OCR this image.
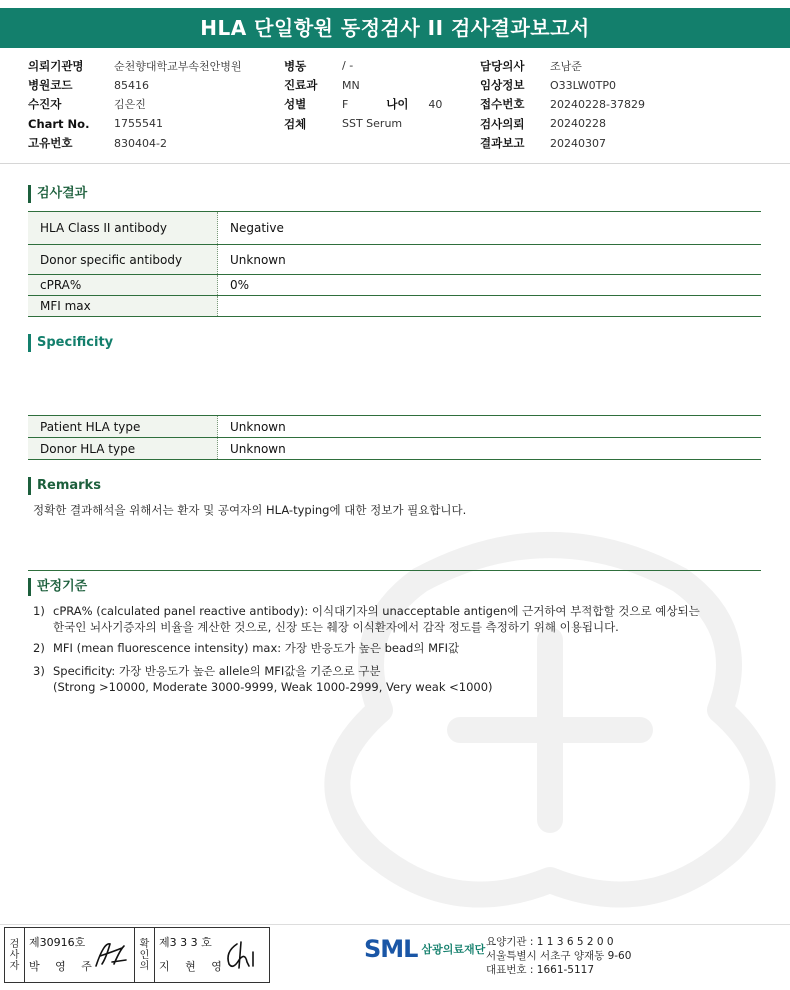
HLA 단일항원 동정검사 II 검사결과보고서
의뢰기관명	순천향대학교부속천안병원
병원코드	85416
수진자	김은진
Chart No.	1755541
고유번호	830404-2
병동	/ -
진료과	MN
성별	F	나이	40
검체	SST Serum
담당의사	조남준
임상정보	O33LW0TP0
접수번호	20240228-37829
검사의뢰	20240228
결과보고	20240307
검사결과
HLA Class II antibody	Negative
Donor specific antibody	Unknown
cPRA%	0%
MFI max
Specificity
Patient HLA type	Unknown
Donor HLA type	Unknown
Remarks
정확한 결과해석을 위해서는 환자 및 공여자의 HLA-typing에 대한 정보가 필요합니다.
판정기준
1) cPRA% (calculated panel reactive antibody): 이식대기자의 unacceptable antigen에 근거하여 부적합할 것으로 예상되는
한국인 뇌사기증자의 비율을 계산한 것으로, 신장 또는 췌장 이식환자에서 감작 정도를 측정하기 위해 이용됩니다.
2) MFI (mean fluorescence intensity) max: 가장 반응도가 높은 bead의 MFI값
3) Specificity: 가장 반응도가 높은 allele의 MFI값을 기준으로 구분
(Strong >10000, Moderate 3000-9999, Weak 1000-2999, Very weak <1000)
검
사
자
제30916호
박 영 주
확
인
의
제3 3 3 호
지 현 영
SML 삼광의료재단
요양기관 : 1 1 3 6 5 2 0 0
서울특별시 서초구 양재동 9-60
대표번호 : 1661-5117
